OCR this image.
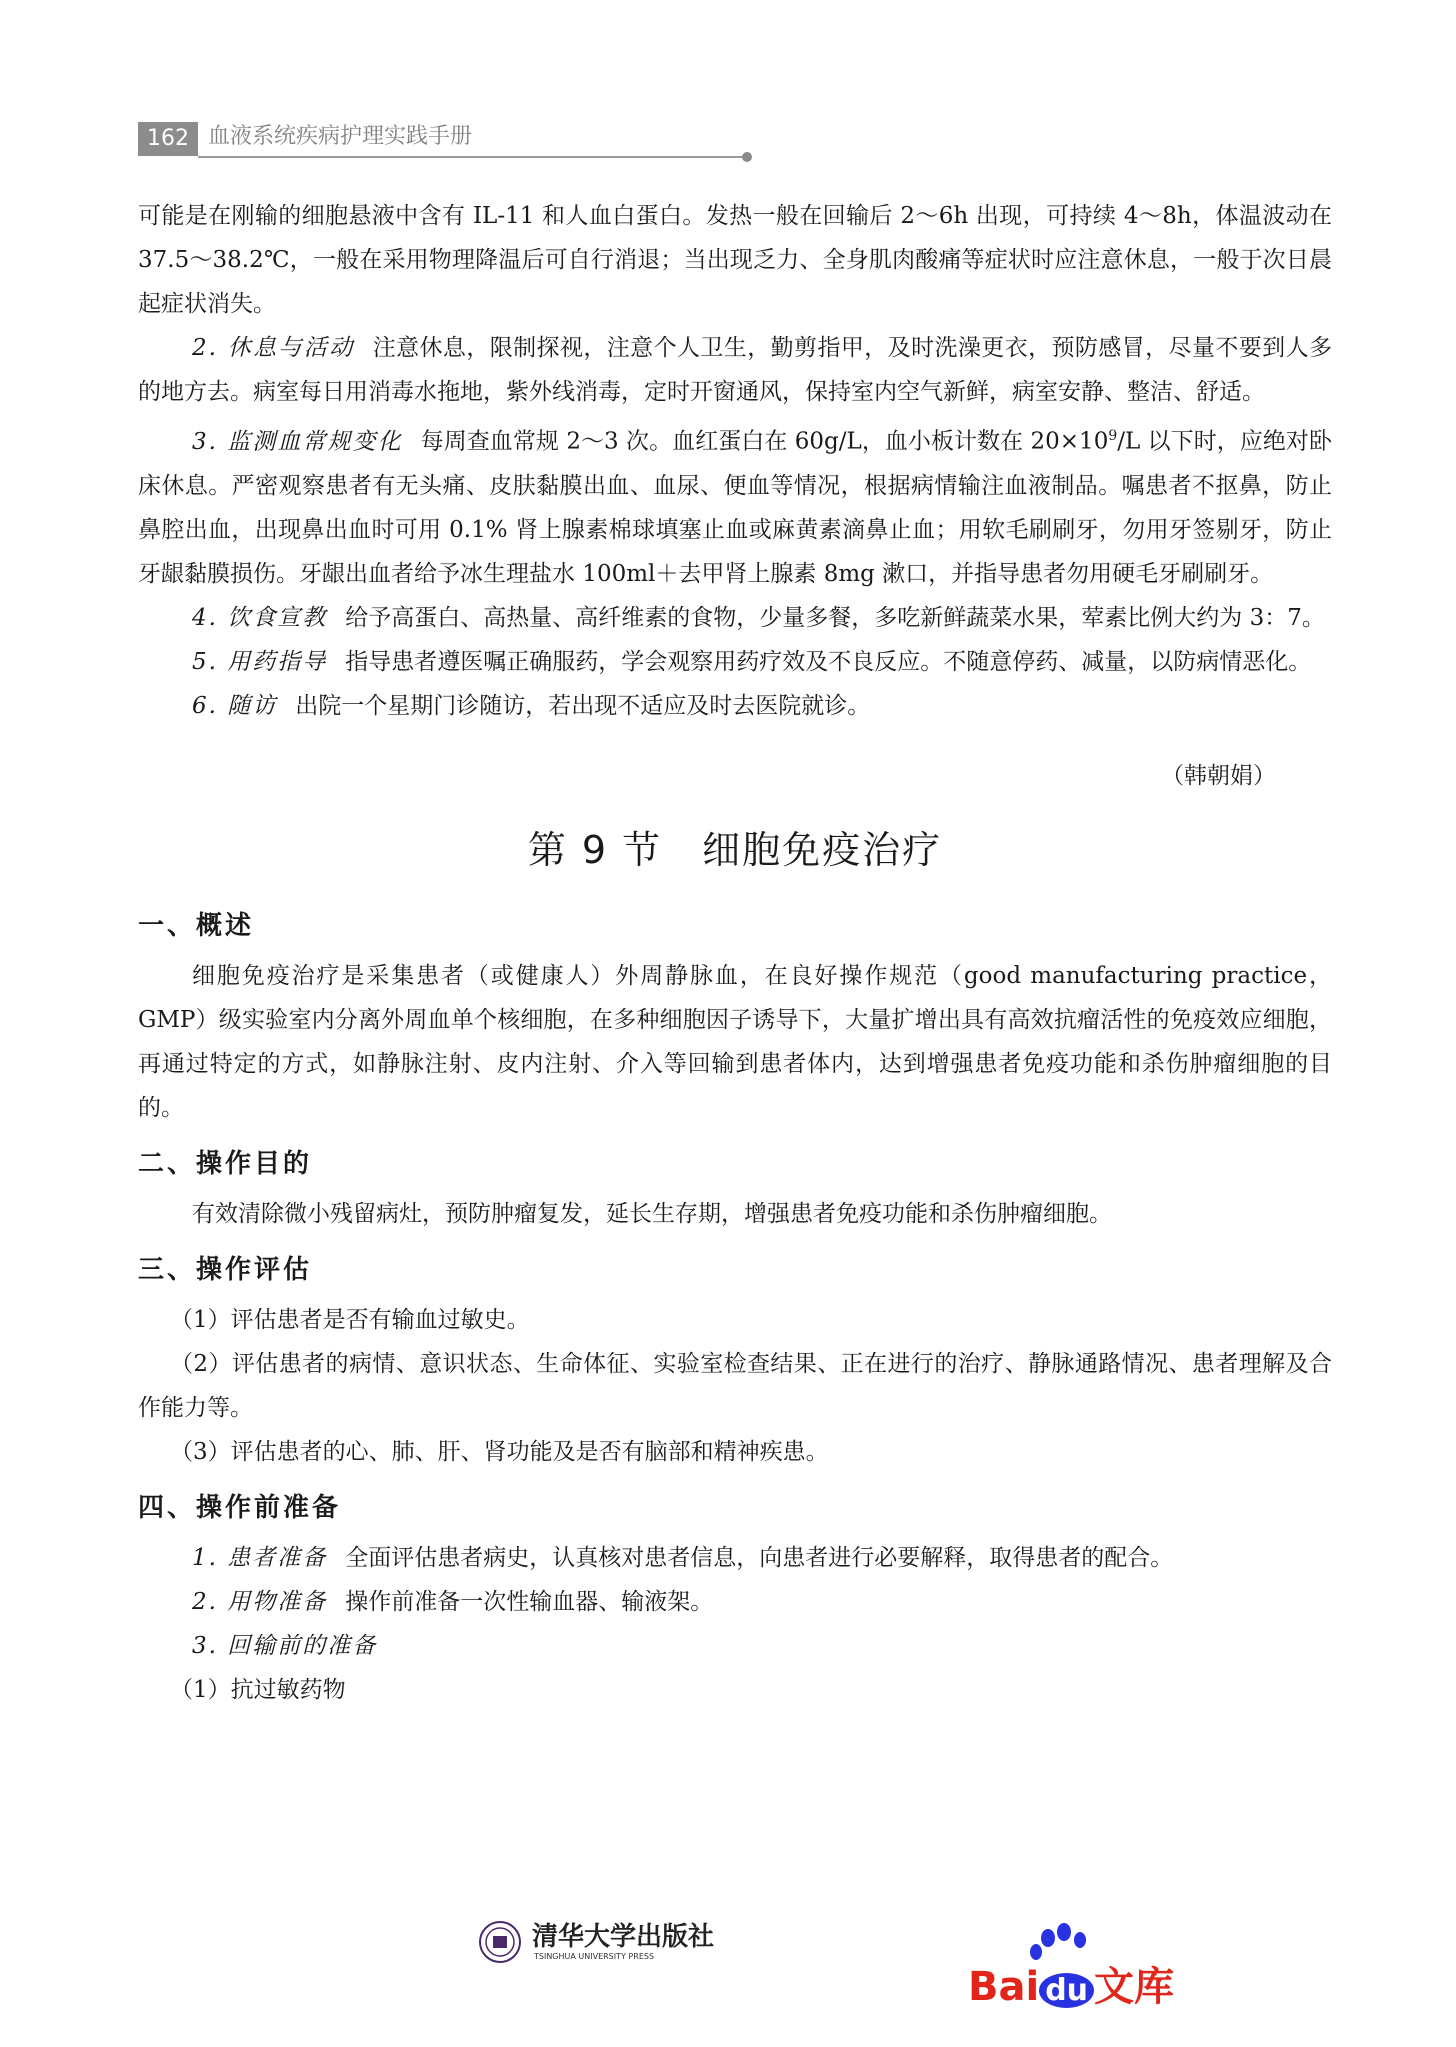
162 血液系统疾病护理实践手册

可能是在刚输的细胞悬液中含有 IL-11 和人血白蛋白。发热一般在回输后 2～6h 出现，可持续 4～8h，体温波动在 37.5～38.2℃，一般在采用物理降温后可自行消退；当出现乏力、全身肌肉酸痛等症状时应注意休息，一般于次日晨起症状消失。

2. 休息与活动 注意休息，限制探视，注意个人卫生，勤剪指甲，及时洗澡更衣，预防感冒，尽量不要到人多的地方去。病室每日用消毒水拖地，紫外线消毒，定时开窗通风，保持室内空气新鲜，病室安静、整洁、舒适。

3. 监测血常规变化 每周查血常规 2～3 次。血红蛋白在 60g/L，血小板计数在 $20\times 10^9/L$ 以下时，应绝对卧床休息。严密观察患者有无头痛、皮肤黏膜出血、血尿、便血等情况，根据病情输注血液制品。嘱患者不抠鼻，防止鼻腔出血，出现鼻出血时可用 0.1% 肾上腺素棉球填塞止血或麻黄素滴鼻止血；用软毛刷刷牙，勿用牙签剔牙，防止牙龈黏膜损伤。牙龈出血者给予冰生理盐水 100ml＋去甲肾上腺素 8mg 漱口，并指导患者勿用硬毛牙刷刷牙。

4. 饮食宣教 给予高蛋白、高热量、高纤维素的食物，少量多餐，多吃新鲜蔬菜水果，荤素比例大约为 3：7。

5. 用药指导 指导患者遵医嘱正确服药，学会观察用药疗效及不良反应。不随意停药、减量，以防病情恶化。

6. 随访 出院一个星期门诊随访，若出现不适应及时去医院就诊。

（韩朝娟）

第 9 节　细胞免疫治疗
一、概述

细胞免疫治疗是采集患者（或健康人）外周静脉血，在良好操作规范（good manufacturing practice，GMP）级实验室内分离外周血单个核细胞，在多种细胞因子诱导下，大量扩增出具有高效抗瘤活性的免疫效应细胞，再通过特定的方式，如静脉注射、皮内注射、介入等回输到患者体内，达到增强患者免疫功能和杀伤肿瘤细胞的目的。

二、操作目的

有效清除微小残留病灶，预防肿瘤复发，延长生存期，增强患者免疫功能和杀伤肿瘤细胞。

三、操作评估

（1）评估患者是否有输血过敏史。

（2）评估患者的病情、意识状态、生命体征、实验室检查结果、正在进行的治疗、静脉通路情况、患者理解及合作能力等。

（3）评估患者的心、肺、肝、肾功能及是否有脑部和精神疾患。

四、操作前准备

1. 患者准备 全面评估患者病史，认真核对患者信息，向患者进行必要解释，取得患者的配合。

2. 用物准备 操作前准备一次性输血器、输液架。

3. 回输前的准备

（1）抗过敏药物

清华大学出版社
TSINGHUA UNIVERSITY PRESS
Bai du 文库
